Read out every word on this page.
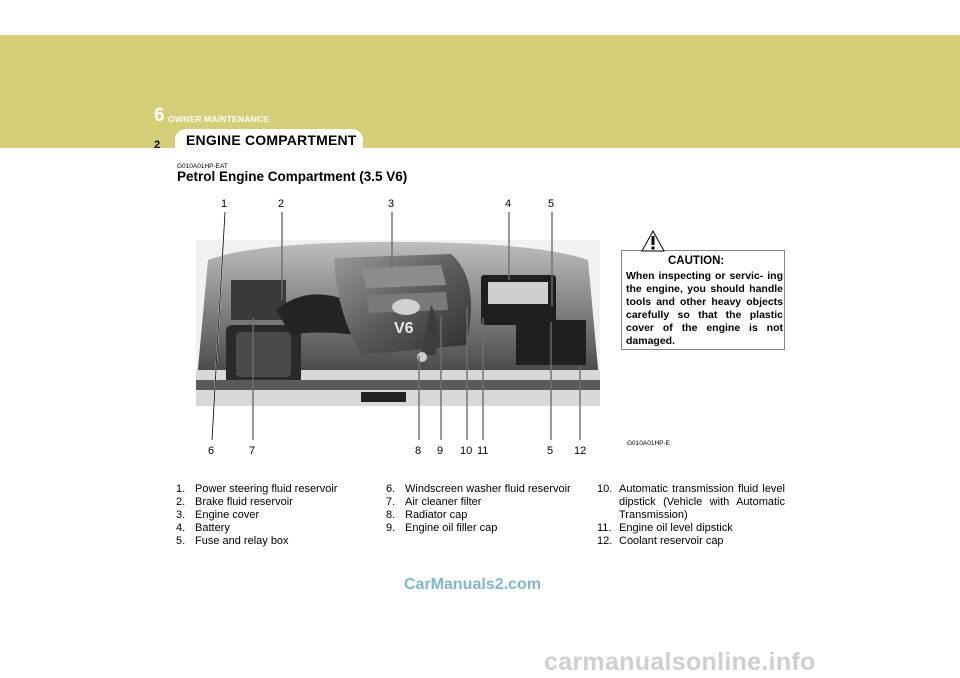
6 OWNER MAINTENANCE
ENGINE COMPARTMENT
2
G010A01HP-EAT
Petrol Engine Compartment (3.5 V6)
V6
1	2	3	4	5
6	7	8 9 10 11	5 12
G010A01HP-E
CAUTION:
When inspecting or servic- ing the engine, you should handle tools and other heavy objects carefully so that the plastic cover of the engine is not damaged.
1. Power steering fluid reservoir
2. Brake fluid reservoir
3. Engine cover
4. Battery
5. Fuse and relay box
6. Windscreen washer fluid reservoir
7. Air cleaner filter
8. Radiator cap
9. Engine oil filler cap
10. Automatic transmission fluid level dipstick (Vehicle with Automatic Transmission)
11. Engine oil level dipstick
12. Coolant reservoir cap
CarManuals2.com
carmanualsonline.info
